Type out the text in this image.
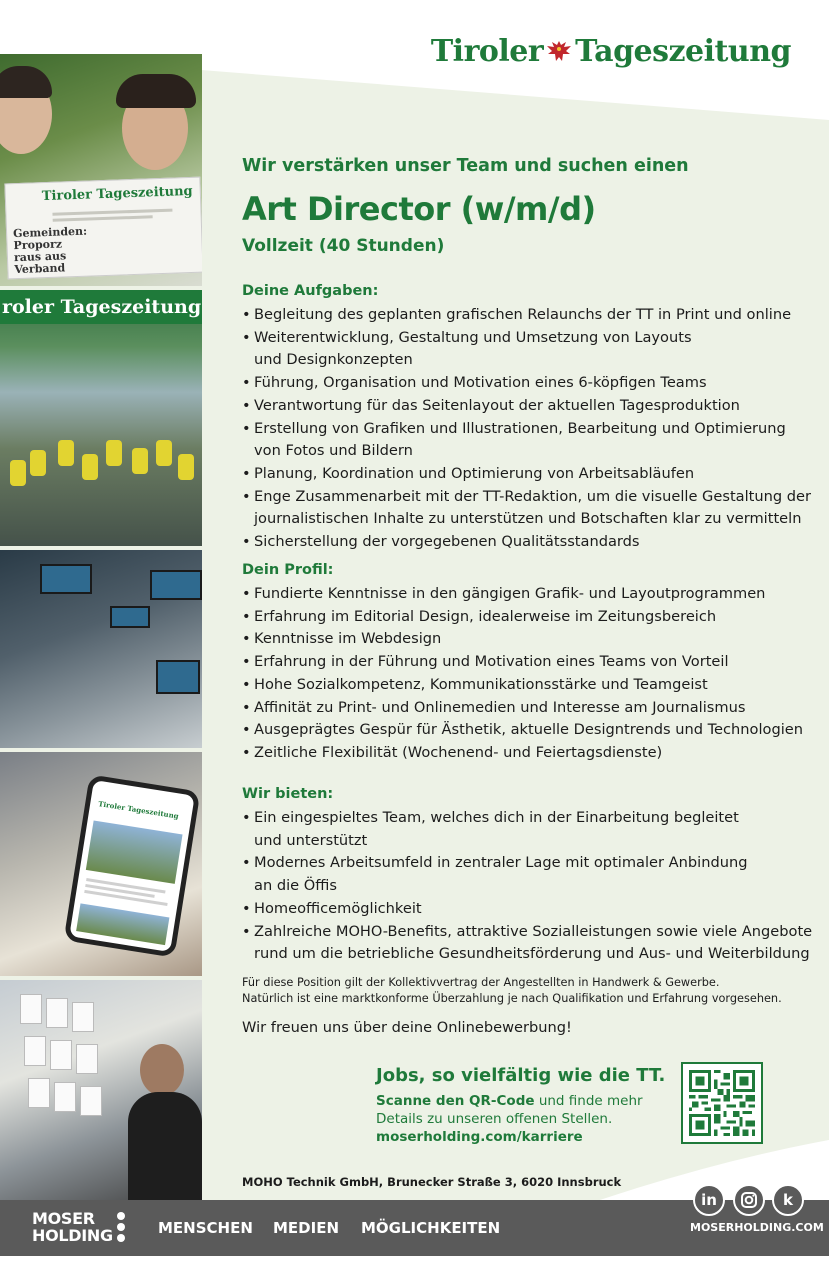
Tiroler Tageszeitung
Tiroler Tageszeitung
Gemeinden: Proporz raus aus Verband
roler Tageszeitung
Tiroler Tageszeitung
Wir verstärken unser Team und suchen einen
Art Director (w/m/d)
Vollzeit (40 Stunden)
Deine Aufgaben:
• Begleitung des geplanten grafischen Relaunchs der TT in Print und online
• Weiterentwicklung, Gestaltung und Umsetzung von Layouts
und Designkonzepten
• Führung, Organisation und Motivation eines 6-köpfigen Teams
• Verantwortung für das Seitenlayout der aktuellen Tagesproduktion
• Erstellung von Grafiken und Illustrationen, Bearbeitung und Optimierung
von Fotos und Bildern
• Planung, Koordination und Optimierung von Arbeitsabläufen
• Enge Zusammenarbeit mit der TT-Redaktion, um die visuelle Gestaltung der
journalistischen Inhalte zu unterstützen und Botschaften klar zu vermitteln
• Sicherstellung der vorgegebenen Qualitätsstandards
Dein Profil:
• Fundierte Kenntnisse in den gängigen Grafik- und Layoutprogrammen
• Erfahrung im Editorial Design, idealerweise im Zeitungsbereich
• Kenntnisse im Webdesign
• Erfahrung in der Führung und Motivation eines Teams von Vorteil
• Hohe Sozialkompetenz, Kommunikationsstärke und Teamgeist
• Affinität zu Print- und Onlinemedien und Interesse am Journalismus
• Ausgeprägtes Gespür für Ästhetik, aktuelle Designtrends und Technologien
• Zeitliche Flexibilität (Wochenend- und Feiertagsdienste)
Wir bieten:
• Ein eingespieltes Team, welches dich in der Einarbeitung begleitet
und unterstützt
• Modernes Arbeitsumfeld in zentraler Lage mit optimaler Anbindung
an die Öffis
• Homeofficemöglichkeit
• Zahlreiche MOHO-Benefits, attraktive Sozialleistungen sowie viele Angebote
rund um die betriebliche Gesundheitsförderung und Aus- und Weiterbildung
Für diese Position gilt der Kollektivvertrag der Angestellten in Handwerk & Gewerbe.
Natürlich ist eine marktkonforme Überzahlung je nach Qualifikation und Erfahrung vorgesehen.
Wir freuen uns über deine Onlinebewerbung!
Jobs, so vielfältig wie die TT.
Scanne den QR-Code und finde mehr
Details zu unseren offenen Stellen.
moserholding.com/karriere
MOHO Technik GmbH, Brunecker Straße 3, 6020 Innsbruck
MOSER
HOLDING	MENSCHEN MEDIEN MÖGLICHKEITEN
in	k
MOSERHOLDING.COM
